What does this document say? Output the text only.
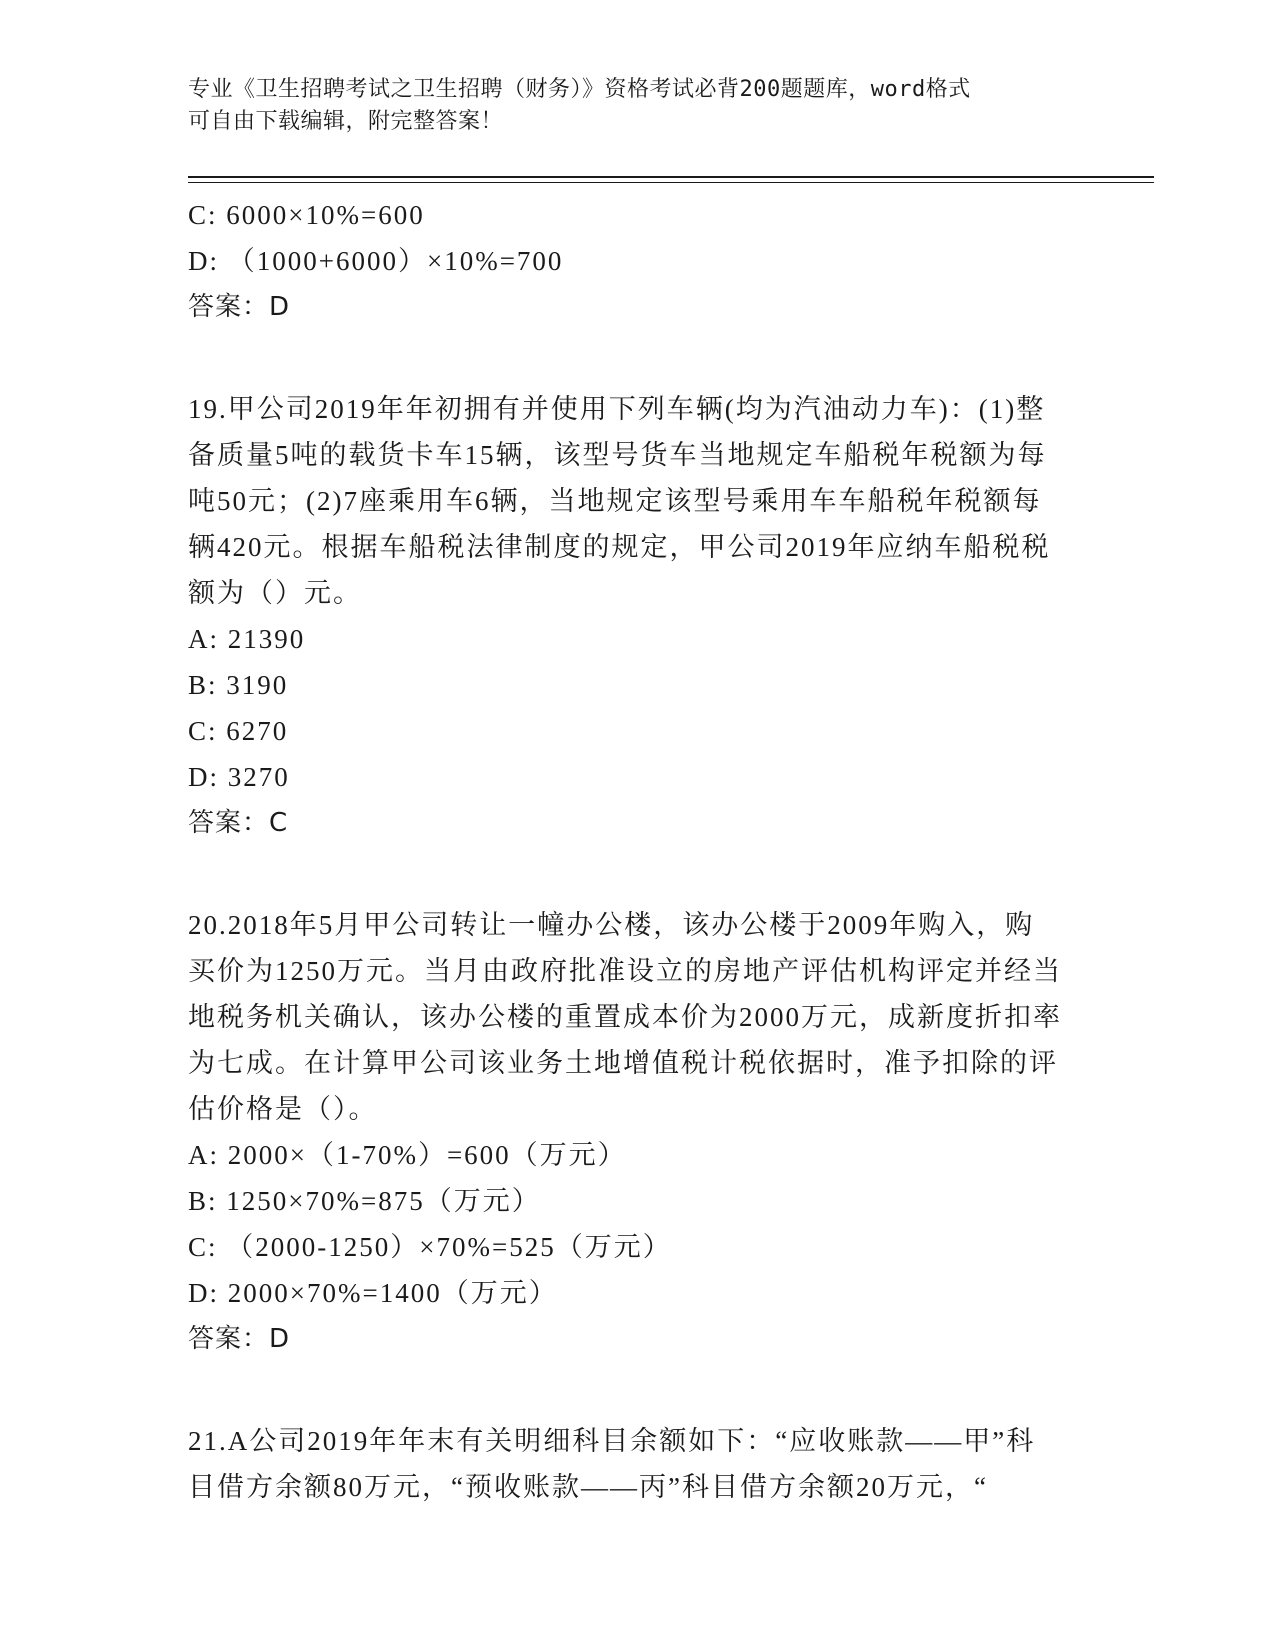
专业《卫生招聘考试之卫生招聘（财务）》资格考试必背200题题库，word格式
可自由下载编辑，附完整答案！
C: 6000×10%=600
D: （1000+6000）×10%=700
答案：D
19.甲公司2019年年初拥有并使用下列车辆(均为汽油动力车)：(1)整
备质量5吨的载货卡车15辆，该型号货车当地规定车船税年税额为每
吨50元；(2)7座乘用车6辆，当地规定该型号乘用车车船税年税额每
辆420元。根据车船税法律制度的规定，甲公司2019年应纳车船税税
额为（）元。
A: 21390
B: 3190
C: 6270
D: 3270
答案：C
20.2018年5月甲公司转让一幢办公楼，该办公楼于2009年购入，购
买价为1250万元。当月由政府批准设立的房地产评估机构评定并经当
地税务机关确认，该办公楼的重置成本价为2000万元，成新度折扣率
为七成。在计算甲公司该业务土地增值税计税依据时，准予扣除的评
估价格是（）。
A: 2000×（1-70%）=600（万元）
B: 1250×70%=875（万元）
C: （2000-1250）×70%=525（万元）
D: 2000×70%=1400（万元）
答案：D
21.A公司2019年年末有关明细科目余额如下：“应收账款——甲”科
目借方余额80万元，“预收账款——丙”科目借方余额20万元，“
